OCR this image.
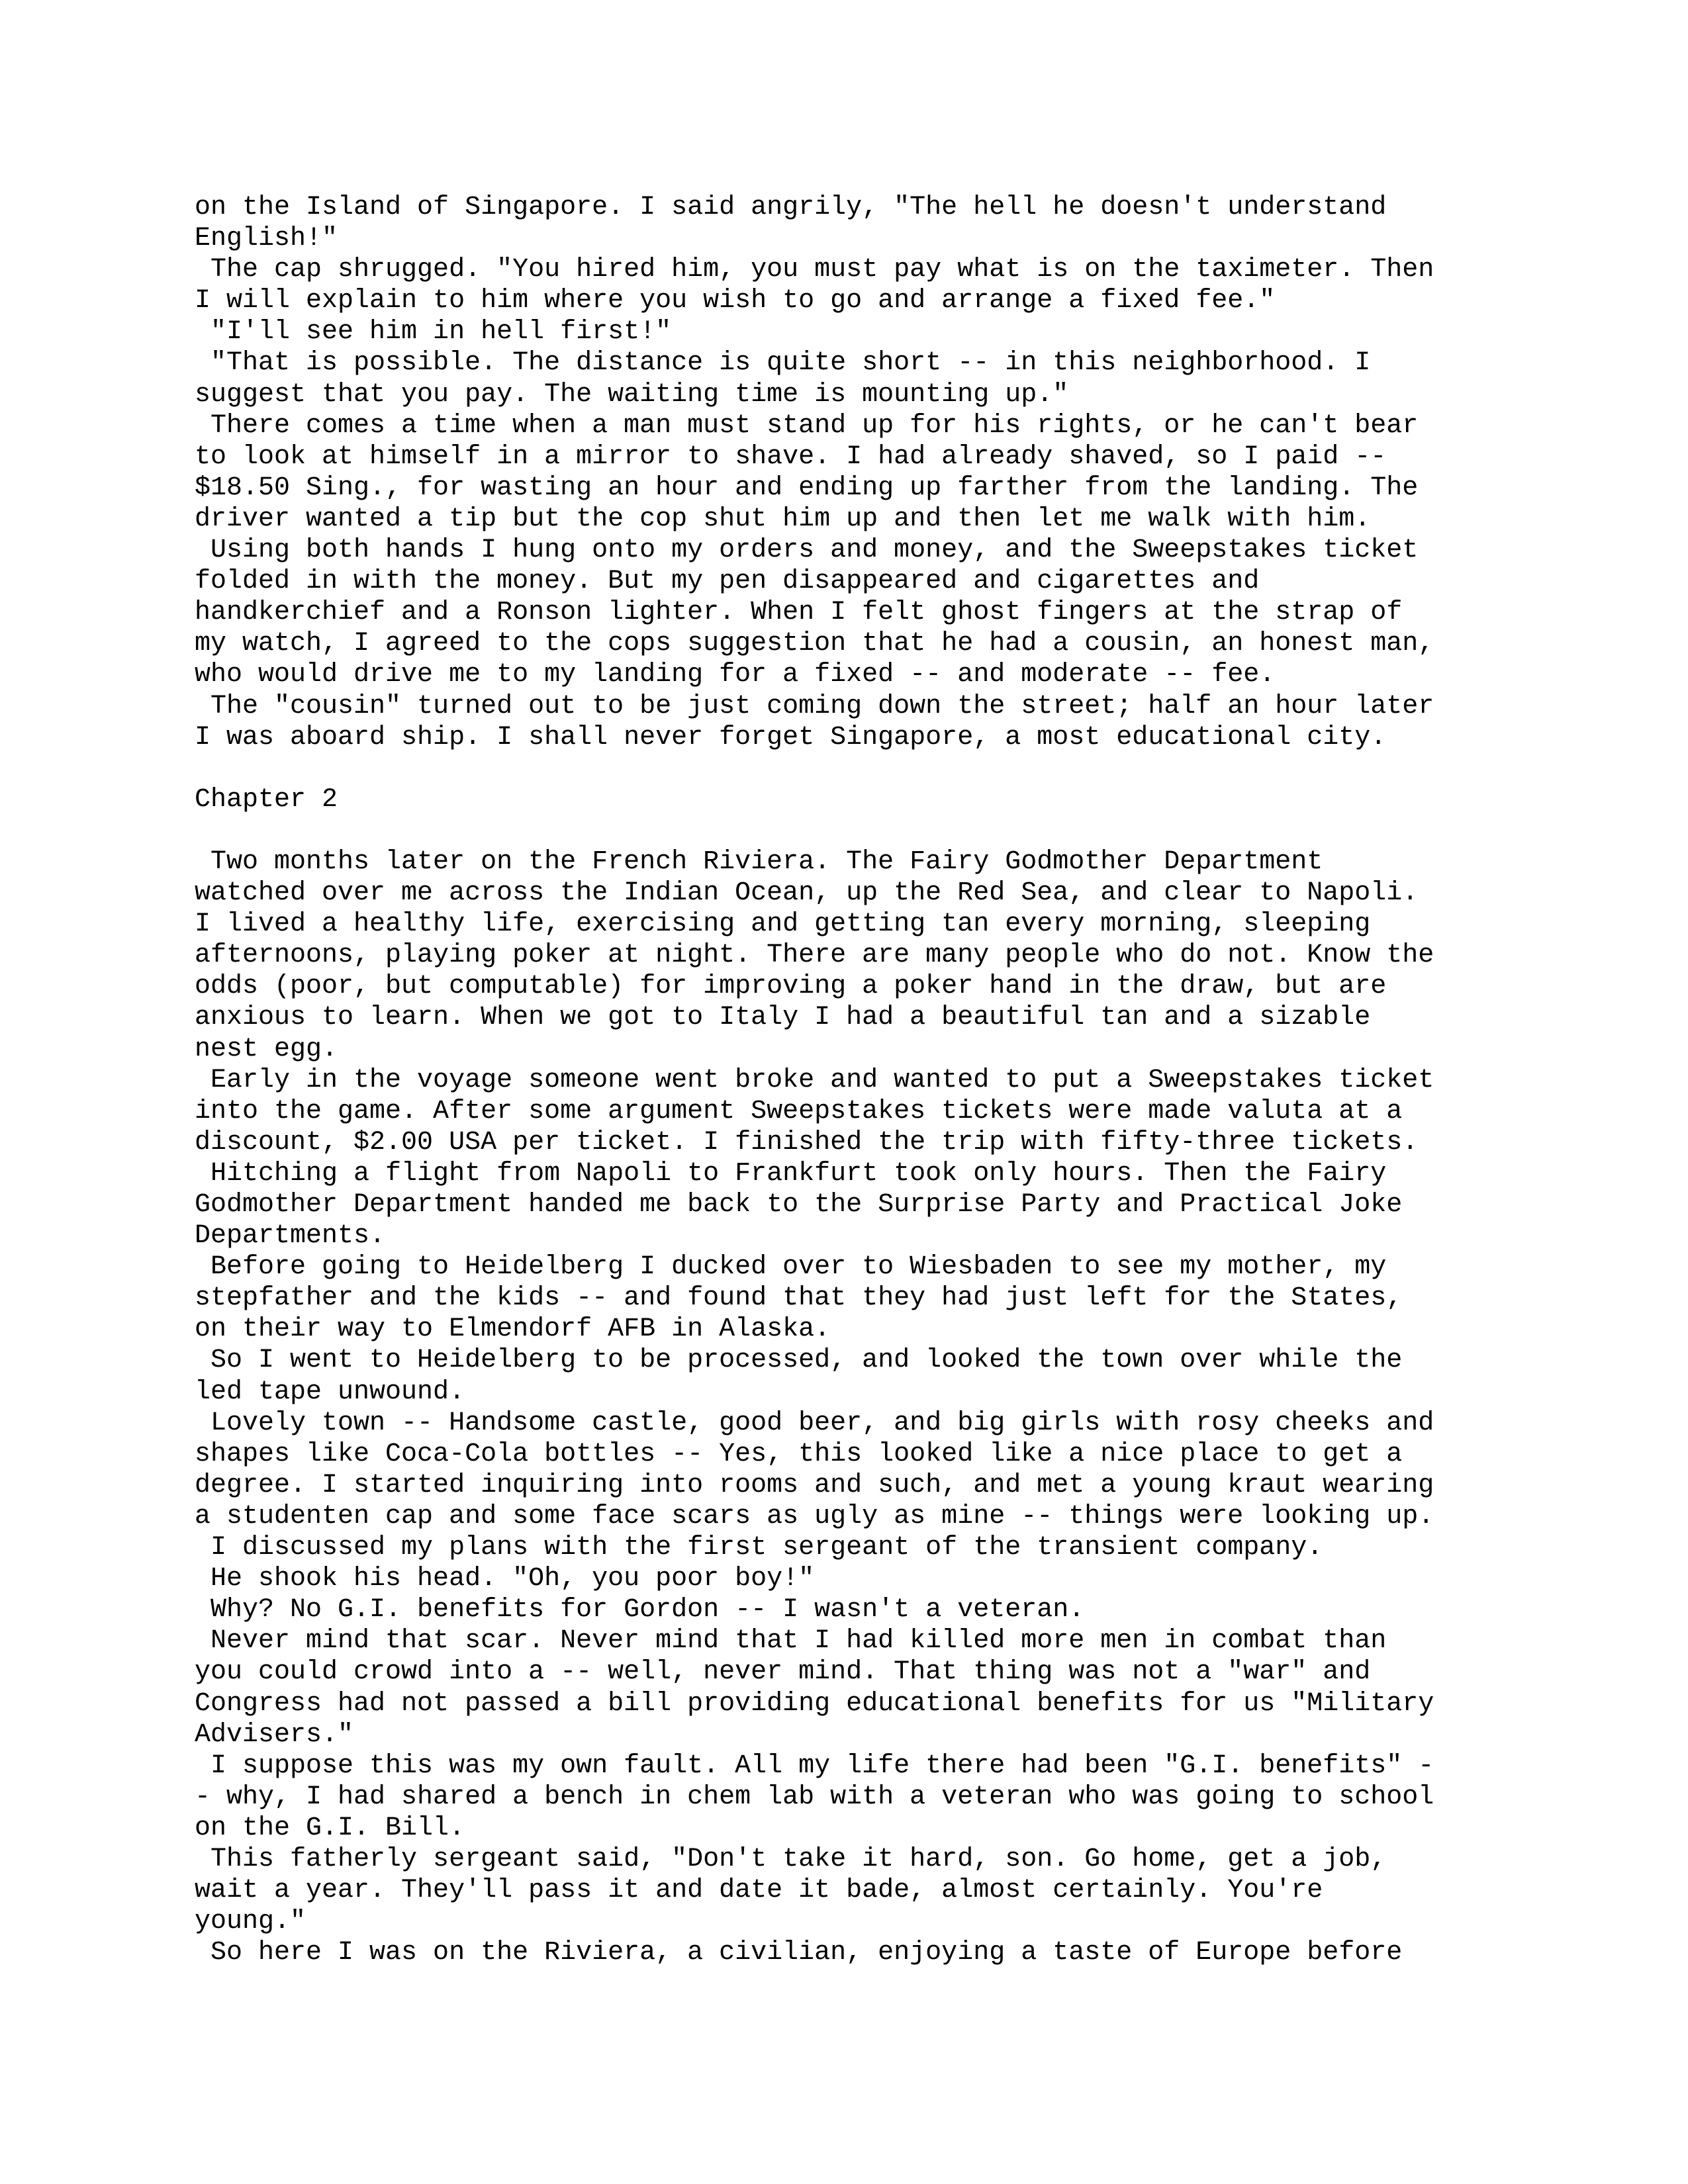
on the Island of Singapore. I said angrily, "The hell he doesn't understand
English!"
The cap shrugged. "You hired him, you must pay what is on the taximeter. Then
I will explain to him where you wish to go and arrange a fixed fee."
"I'll see him in hell first!"
"That is possible. The distance is quite short -- in this neighborhood. I
suggest that you pay. The waiting time is mounting up."
There comes a time when a man must stand up for his rights, or he can't bear
to look at himself in a mirror to shave. I had already shaved, so I paid --
$18.50 Sing., for wasting an hour and ending up farther from the landing. The
driver wanted a tip but the cop shut him up and then let me walk with him.
Using both hands I hung onto my orders and money, and the Sweepstakes ticket
folded in with the money. But my pen disappeared and cigarettes and
handkerchief and a Ronson lighter. When I felt ghost fingers at the strap of
my watch, I agreed to the cops suggestion that he had a cousin, an honest man,
who would drive me to my landing for a fixed -- and moderate -- fee.
The "cousin" turned out to be just coming down the street; half an hour later
I was aboard ship. I shall never forget Singapore, a most educational city.
Chapter 2
Two months later on the French Riviera. The Fairy Godmother Department
watched over me across the Indian Ocean, up the Red Sea, and clear to Napoli.
I lived a healthy life, exercising and getting tan every morning, sleeping
afternoons, playing poker at night. There are many people who do not. Know the
odds (poor, but computable) for improving a poker hand in the draw, but are
anxious to learn. When we got to Italy I had a beautiful tan and a sizable
nest egg.
Early in the voyage someone went broke and wanted to put a Sweepstakes ticket
into the game. After some argument Sweepstakes tickets were made valuta at a
discount, $2.00 USA per ticket. I finished the trip with fifty-three tickets.
Hitching a flight from Napoli to Frankfurt took only hours. Then the Fairy
Godmother Department handed me back to the Surprise Party and Practical Joke
Departments.
Before going to Heidelberg I ducked over to Wiesbaden to see my mother, my
stepfather and the kids -- and found that they had just left for the States,
on their way to Elmendorf AFB in Alaska.
So I went to Heidelberg to be processed, and looked the town over while the
led tape unwound.
Lovely town -- Handsome castle, good beer, and big girls with rosy cheeks and
shapes like Coca-Cola bottles -- Yes, this looked like a nice place to get a
degree. I started inquiring into rooms and such, and met a young kraut wearing
a studenten cap and some face scars as ugly as mine -- things were looking up.
I discussed my plans with the first sergeant of the transient company.
He shook his head. "Oh, you poor boy!"
Why? No G.I. benefits for Gordon -- I wasn't a veteran.
Never mind that scar. Never mind that I had killed more men in combat than
you could crowd into a -- well, never mind. That thing was not a "war" and
Congress had not passed a bill providing educational benefits for us "Military
Advisers."
I suppose this was my own fault. All my life there had been "G.I. benefits" -
- why, I had shared a bench in chem lab with a veteran who was going to school
on the G.I. Bill.
This fatherly sergeant said, "Don't take it hard, son. Go home, get a job,
wait a year. They'll pass it and date it bade, almost certainly. You're
young."
So here I was on the Riviera, a civilian, enjoying a taste of Europe before
